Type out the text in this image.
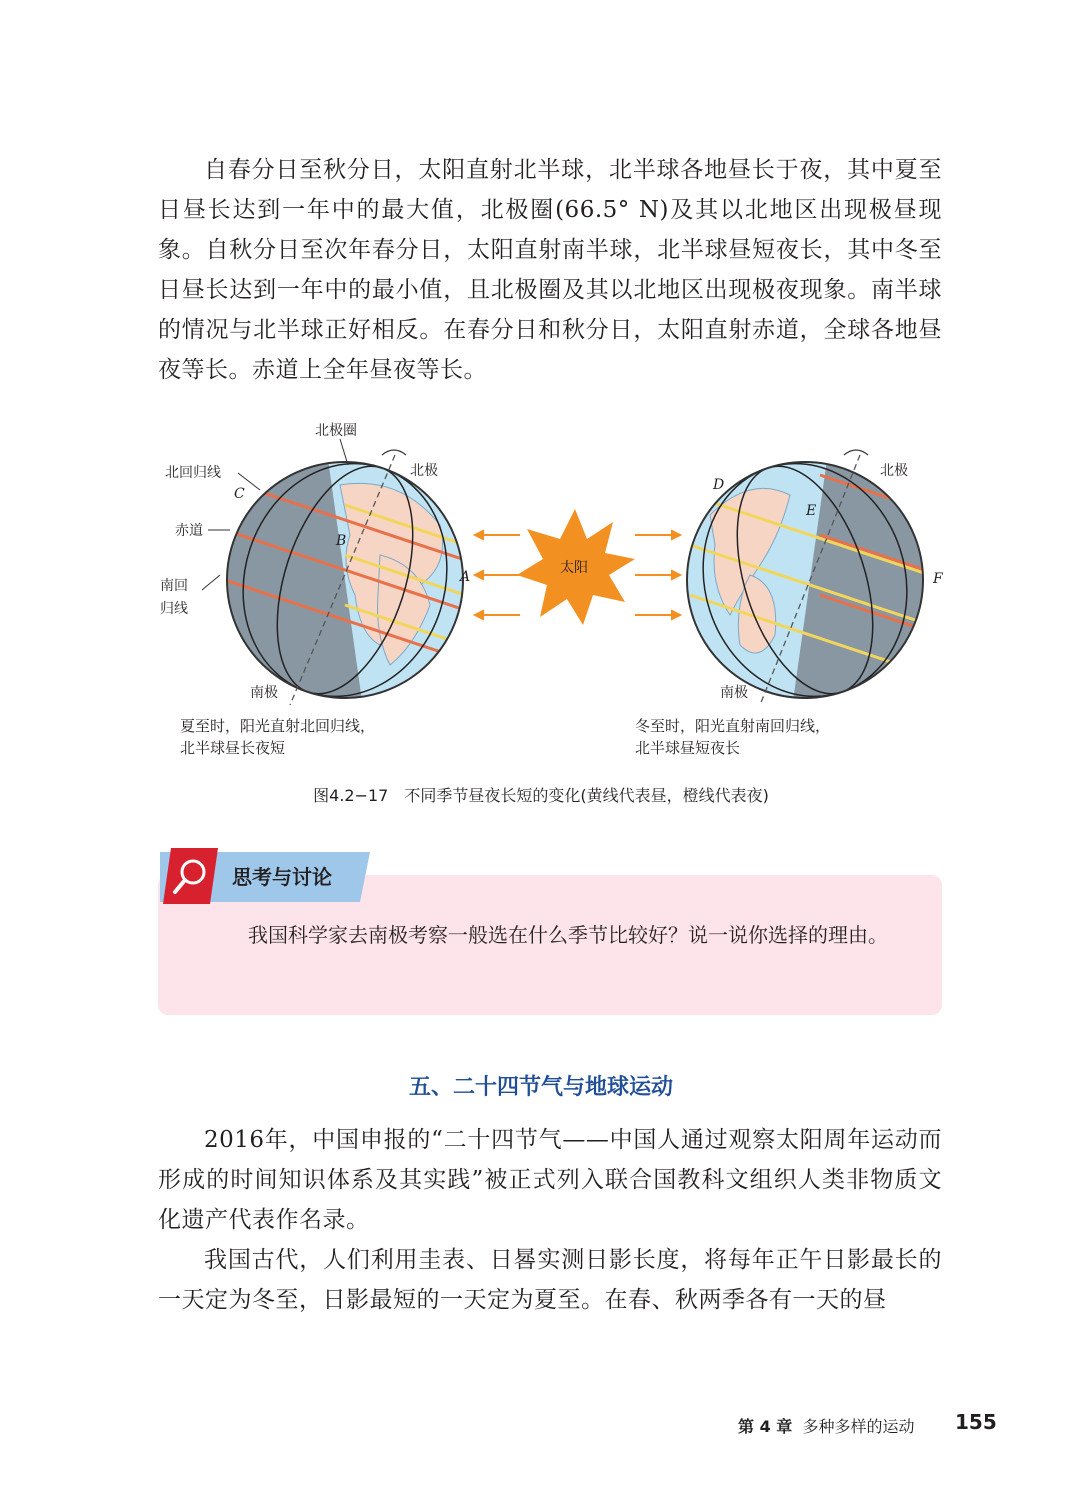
自春分日至秋分日，太阳直射北半球，北半球各地昼长于夜，其中夏至日昼长达到一年中的最大值，北极圈(66.5° N)及其以北地区出现极昼现象。自秋分日至次年春分日，太阳直射南半球，北半球昼短夜长，其中冬至日昼长达到一年中的最小值，且北极圈及其以北地区出现极夜现象。南半球的情况与北半球正好相反。在春分日和秋分日，太阳直射赤道，全球各地昼夜等长。赤道上全年昼夜等长。

太阳
北极圈
北回归线	北极
赤道
南回
归线
南极
C
B
A
北极
南极
D
E
F
夏至时，阳光直射北回归线，
北半球昼长夜短
冬至时，阳光直射南回归线，
北半球昼短夜长
图4.2−17　不同季节昼夜长短的变化(黄线代表昼，橙线代表夜)
思考与讨论

我国科学家去南极考察一般选在什么季节比较好？说一说你选择的理由。

五、二十四节气与地球运动

2016年，中国申报的“二十四节气——中国人通过观察太阳周年运动而形成的时间知识体系及其实践”被正式列入联合国教科文组织人类非物质文化遗产代表作名录。

我国古代，人们利用圭表、日晷实测日影长度，将每年正午日影最长的一天定为冬至，日影最短的一天定为夏至。在春、秋两季各有一天的昼

第 4 章 多种多样的运动 155
